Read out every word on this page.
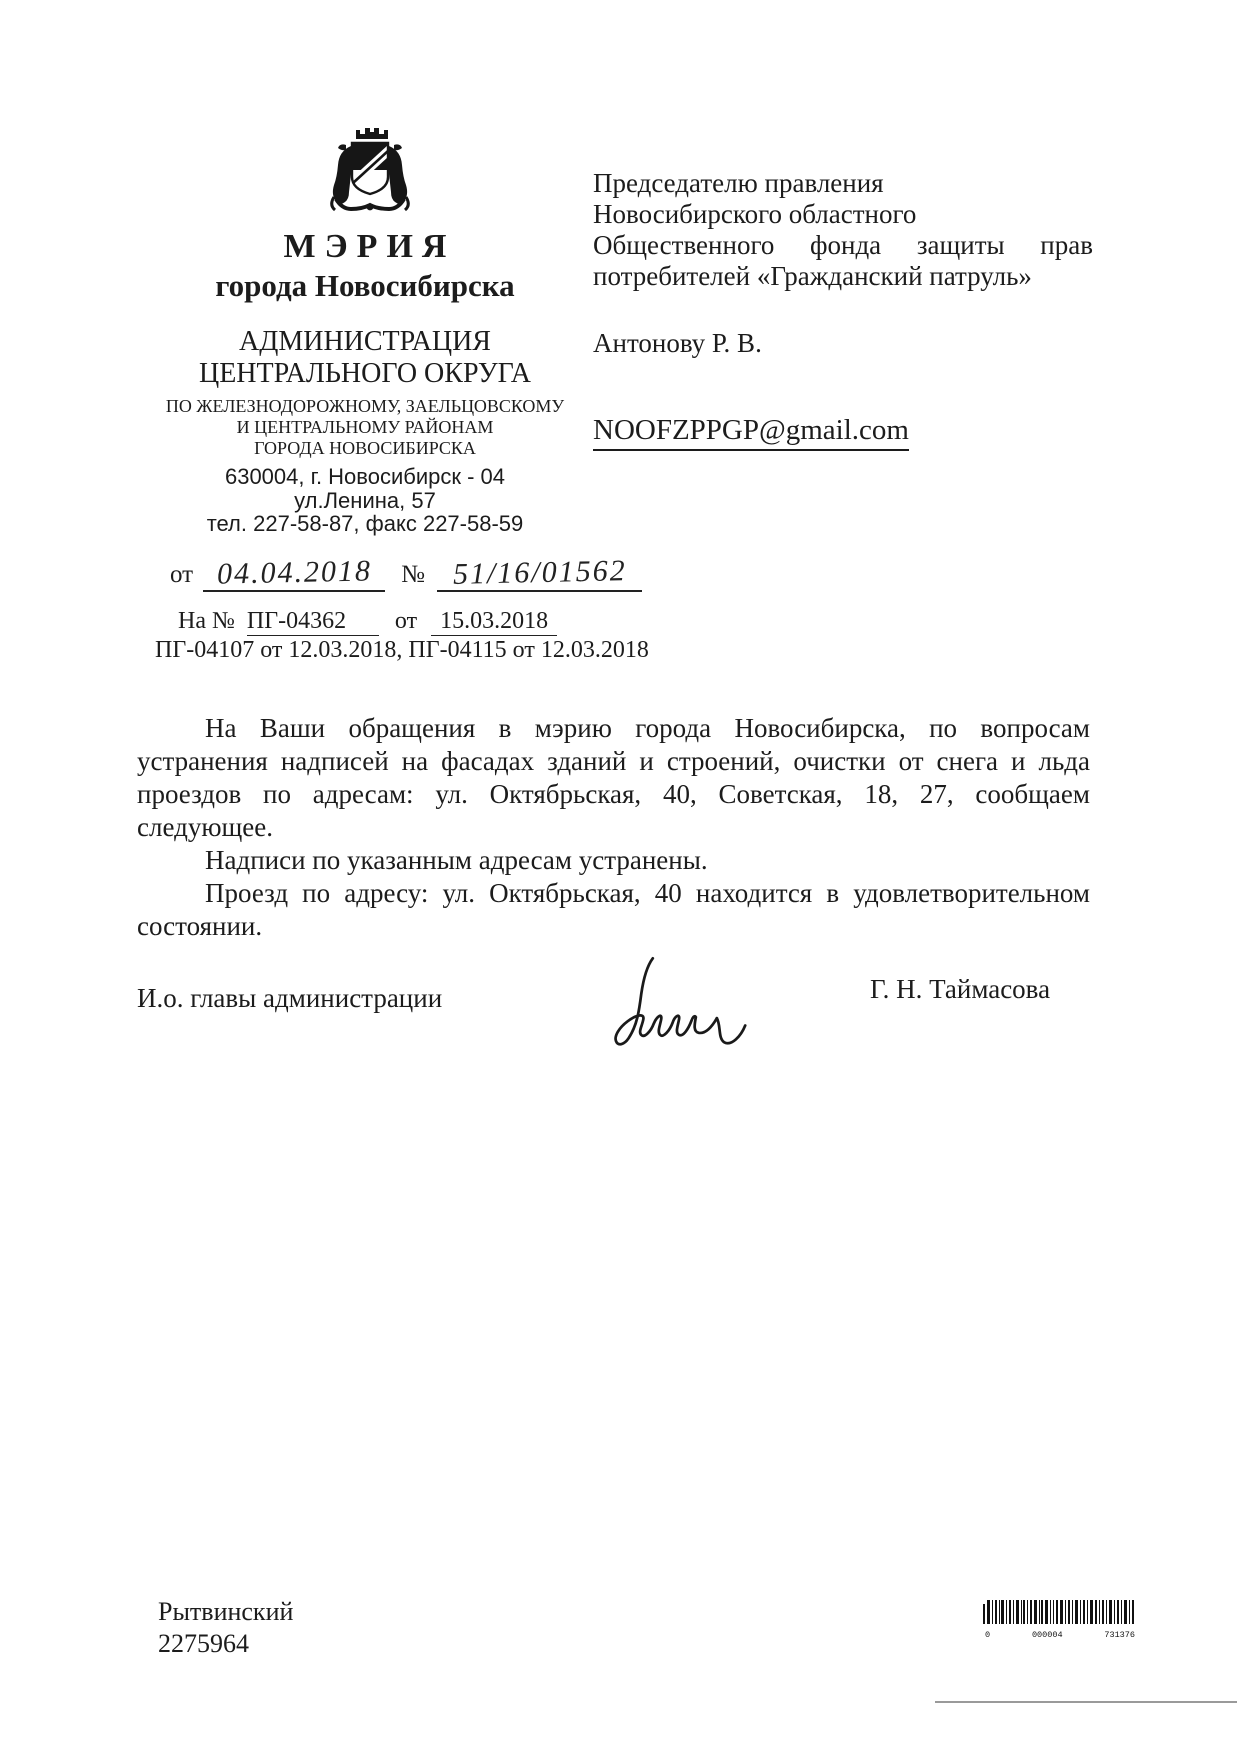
МЭРИЯ
города Новосибирска
АДМИНИСТРАЦИЯ
ЦЕНТРАЛЬНОГО ОКРУГА
ПО ЖЕЛЕЗНОДОРОЖНОМУ, ЗАЕЛЬЦОВСКОМУ
И ЦЕНТРАЛЬНОМУ РАЙОНАМ
ГОРОДА НОВОСИБИРСКА
630004, г. Новосибирск - 04
ул.Ленина, 57
тел. 227-58-87, факс 227-58-59
Председателю правления
Новосибирского областного
Общественного фонда защиты прав
потребителей «Гражданский патруль»
Антонову Р. В.
NOOFZPPGP@gmail.com
от 04.04.2018 № 51/16/01562
На № ПГ-04362 от 15.03.2018
ПГ-04107 от 12.03.2018, ПГ-04115 от 12.03.2018

На Ваши обращения в мэрию города Новосибирска, по вопросам устранения надписей на фасадах зданий и строений, очистки от снега и льда проездов по адресам: ул. Октябрьская, 40, Советская, 18, 27, сообщаем следующее.

Надписи по указанным адресам устранены.

Проезд по адресу: ул. Октябрьская, 40 находится в удовлетворительном состоянии.

И.о. главы администрации	Г. Н. Таймасова
Рытвинский
2275964	0	000004	731376
